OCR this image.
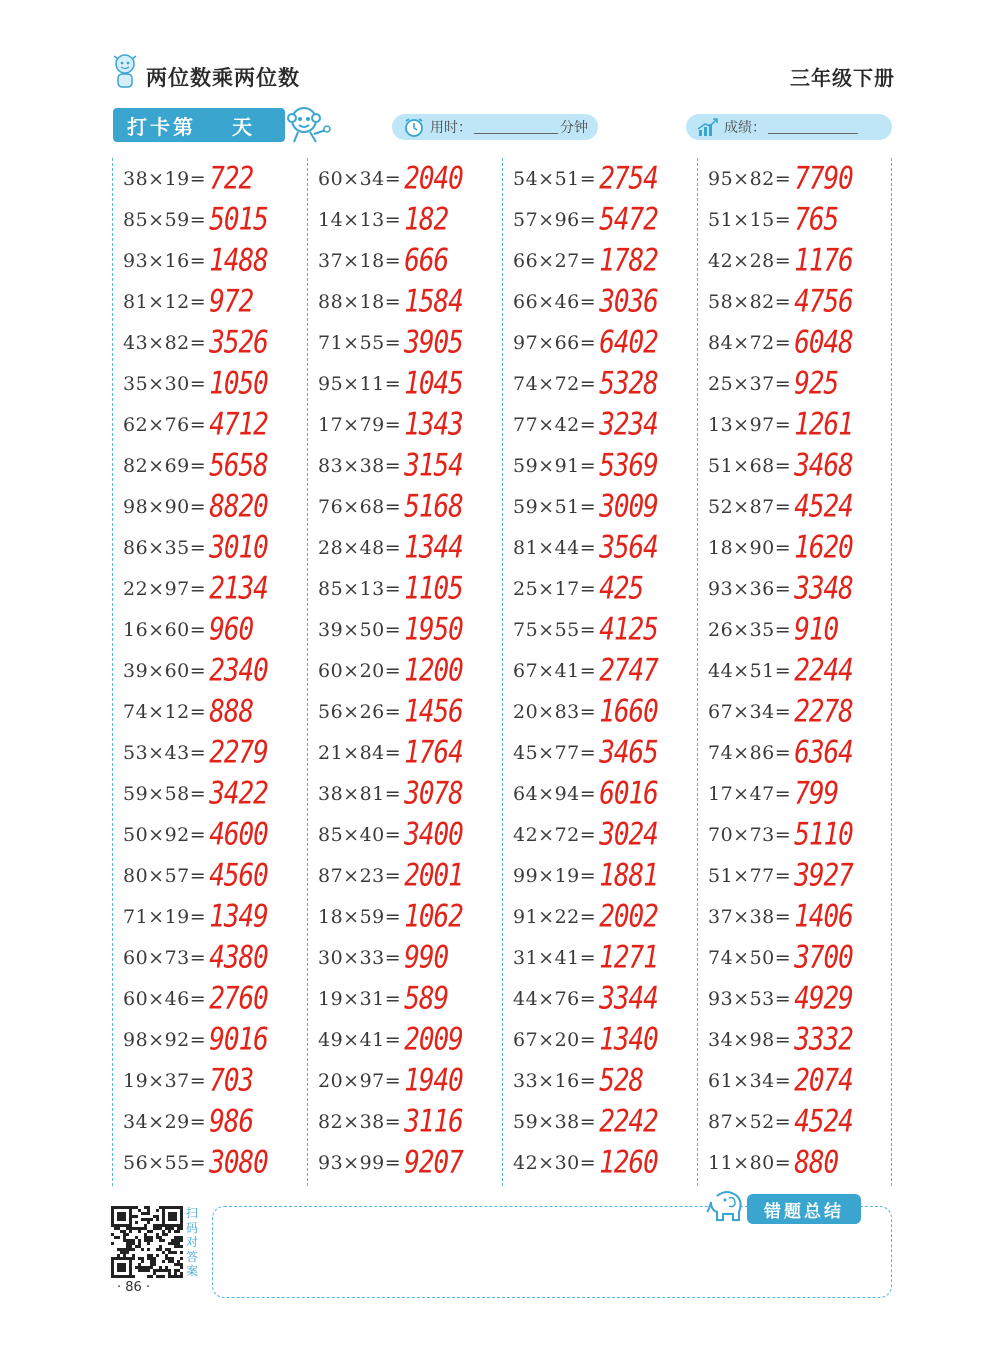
两位数乘两位数	三年级下册
打卡第 天	用时：	分钟	成绩：
38×19= 722
85×59= 5015
93×16= 1488
81×12= 972
43×82= 3526
35×30= 1050
62×76= 4712
82×69= 5658
98×90= 8820
86×35= 3010
22×97= 2134
16×60= 960
39×60= 2340
74×12= 888
53×43= 2279
59×58= 3422
50×92= 4600
80×57= 4560
71×19= 1349
60×73= 4380
60×46= 2760
98×92= 9016
19×37= 703
34×29= 986
56×55= 3080
60×34= 2040
14×13= 182
37×18= 666
88×18= 1584
71×55= 3905
95×11= 1045
17×79= 1343
83×38= 3154
76×68= 5168
28×48= 1344
85×13= 1105
39×50= 1950
60×20= 1200
56×26= 1456
21×84= 1764
38×81= 3078
85×40= 3400
87×23= 2001
18×59= 1062
30×33= 990
19×31= 589
49×41= 2009
20×97= 1940
82×38= 3116
93×99= 9207
54×51= 2754
57×96= 5472
66×27= 1782
66×46= 3036
97×66= 6402
74×72= 5328
77×42= 3234
59×91= 5369
59×51= 3009
81×44= 3564
25×17= 425
75×55= 4125
67×41= 2747
20×83= 1660
45×77= 3465
64×94= 6016
42×72= 3024
99×19= 1881
91×22= 2002
31×41= 1271
44×76= 3344
67×20= 1340
33×16= 528
59×38= 2242
42×30= 1260
95×82= 7790
51×15= 765
42×28= 1176
58×82= 4756
84×72= 6048
25×37= 925
13×97= 1261
51×68= 3468
52×87= 4524
18×90= 1620
93×36= 3348
26×35= 910
44×51= 2244
67×34= 2278
74×86= 6364
17×47= 799
70×73= 5110
51×77= 3927
37×38= 1406
74×50= 3700
93×53= 4929
34×98= 3332
61×34= 2074
87×52= 4524
11×80= 880
错题总结
扫码对答案
· 86 ·
